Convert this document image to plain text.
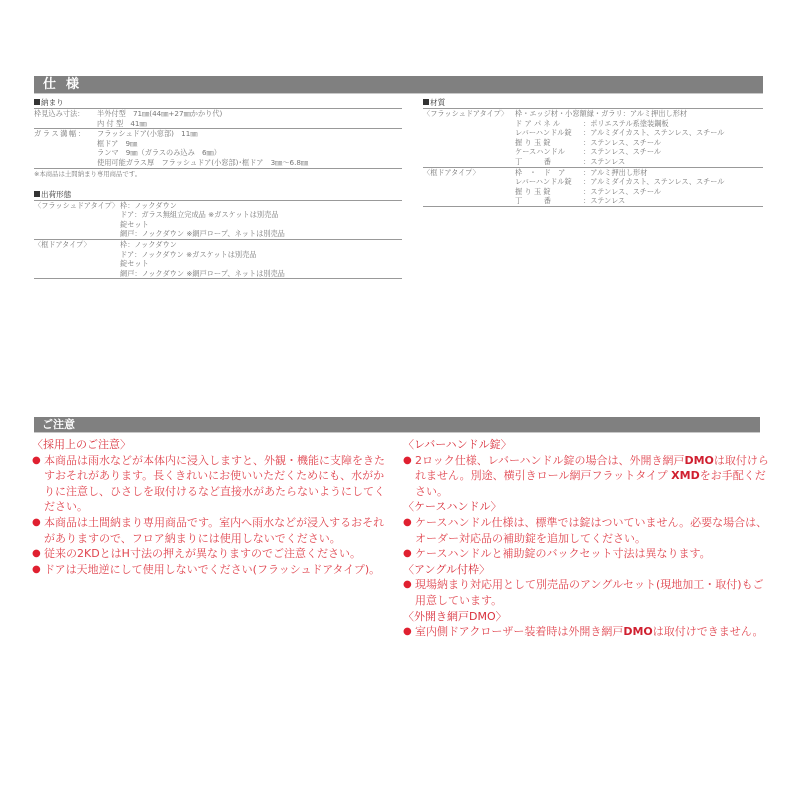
仕様
納まり
枠見込み寸法：	半外付型　71㎜(44㎜+27㎜かかり代)
内 付 型　41㎜
ガラス溝幅：	フラッシュドア(小窓部)　11㎜
框ドア　9㎜
ランマ　9㎜（ガラスのみ込み　6㎜）
使用可能ガラス厚　フラッシュドア(小窓部)･框ドア　3㎜～6.8㎜
※本商品は土間納まり専用商品です。
出荷形態
〈フラッシュドアタイプ〉 枠：ノックダウン
ドア：ガラス無組立完成品 ※ガスケットは別売品
錠セット
網戸：ノックダウン ※網戸ロープ、ネットは別売品
〈框ドアタイプ〉	枠：ノックダウン
ドア：ノックダウン ※ガスケットは別売品
錠セット
網戸：ノックダウン ※網戸ロープ、ネットは別売品
材質
〈フラッシュドアタイプ〉 枠・エッジ材・小窓額縁・ガラリ ：アルミ押出し形材
ド ア パ ネ ル	：ポリエステル系塗装鋼板
レバーハンドル錠	：アルミダイカスト、ステンレス、スチール
握 り 玉 錠	：ステンレス、スチール
ケースハンドル	：ステンレス、スチール
丁　　　番	：ステンレス
〈框ドアタイプ〉	枠　・　ド　ア	：アルミ押出し形材
レバーハンドル錠	：アルミダイカスト、ステンレス、スチール
握 り 玉 錠	：ステンレス、スチール
丁　　　番	：ステンレス
ご注意
〈採用上のご注意〉
● 本商品は雨水などが本体内に浸入しますと、外観・機能に支障をきたすおそれがあります。長くきれいにお使いいただくためにも、水がかりに注意し、ひさしを取付けるなど直接水があたらないようにしてください。
● 本商品は土間納まり専用商品です。室内へ雨水などが浸入するおそれがありますので、フロア納まりには使用しないでください。
● 従来の2KDとはH寸法の押えが異なりますのでご注意ください。
● ドアは天地逆にして使用しないでください(フラッシュドアタイプ)。
〈レバーハンドル錠〉
● 2ロック仕様、レバーハンドル錠の場合は、外開き網戸DMOは取付けられません。別途、横引きロール網戸フラットタイプ XMDをお手配ください。
〈ケースハンドル〉
● ケースハンドル仕様は、標準では錠はついていません。必要な場合は、オーダー対応品の補助錠を追加してください。
● ケースハンドルと補助錠のバックセット寸法は異なります。
〈アングル付枠〉
● 現場納まり対応用として別売品のアングルセット(現地加工・取付)もご用意しています。
〈外開き網戸DMO〉
● 室内側ドアクローザー装着時は外開き網戸DMOは取付けできません。
